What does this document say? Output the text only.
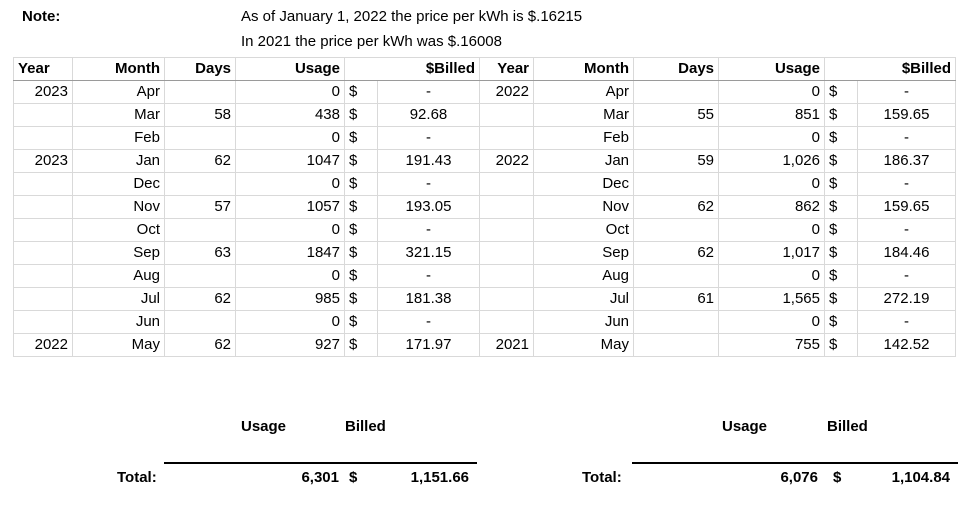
Note:	As of January 1, 2022 the price per kWh is $.16215
In 2021 the price per kWh was $.16008
Year	Month	Days	Usage	$Billed		Year	Month	Days	Usage	$Billed	
2023	Apr		0	$	-	2022	Apr		0	$	-
	Mar	58	438	$	92.68		Mar	55	851	$	159.65
	Feb		0	$	-		Feb		0	$	-
2023	Jan	62	1047	$	191.43	2022	Jan	59	1,026	$	186.37
	Dec		0	$	-		Dec		0	$	-
	Nov	57	1057	$	193.05		Nov	62	862	$	159.65
	Oct		0	$	-		Oct		0	$	-
	Sep	63	1847	$	321.15		Sep	62	1,017	$	184.46
	Aug		0	$	-		Aug		0	$	-
	Jul	62	985	$	181.38		Jul	61	1,565	$	272.19
	Jun		0	$	-		Jun		0	$	-
2022	May	62	927	$	171.97	2021	May		755	$	142.52
Usage	Billed	Usage	Billed
Total:	6,301 $	1,151.66	Total:	6,076 $	1,104.84
